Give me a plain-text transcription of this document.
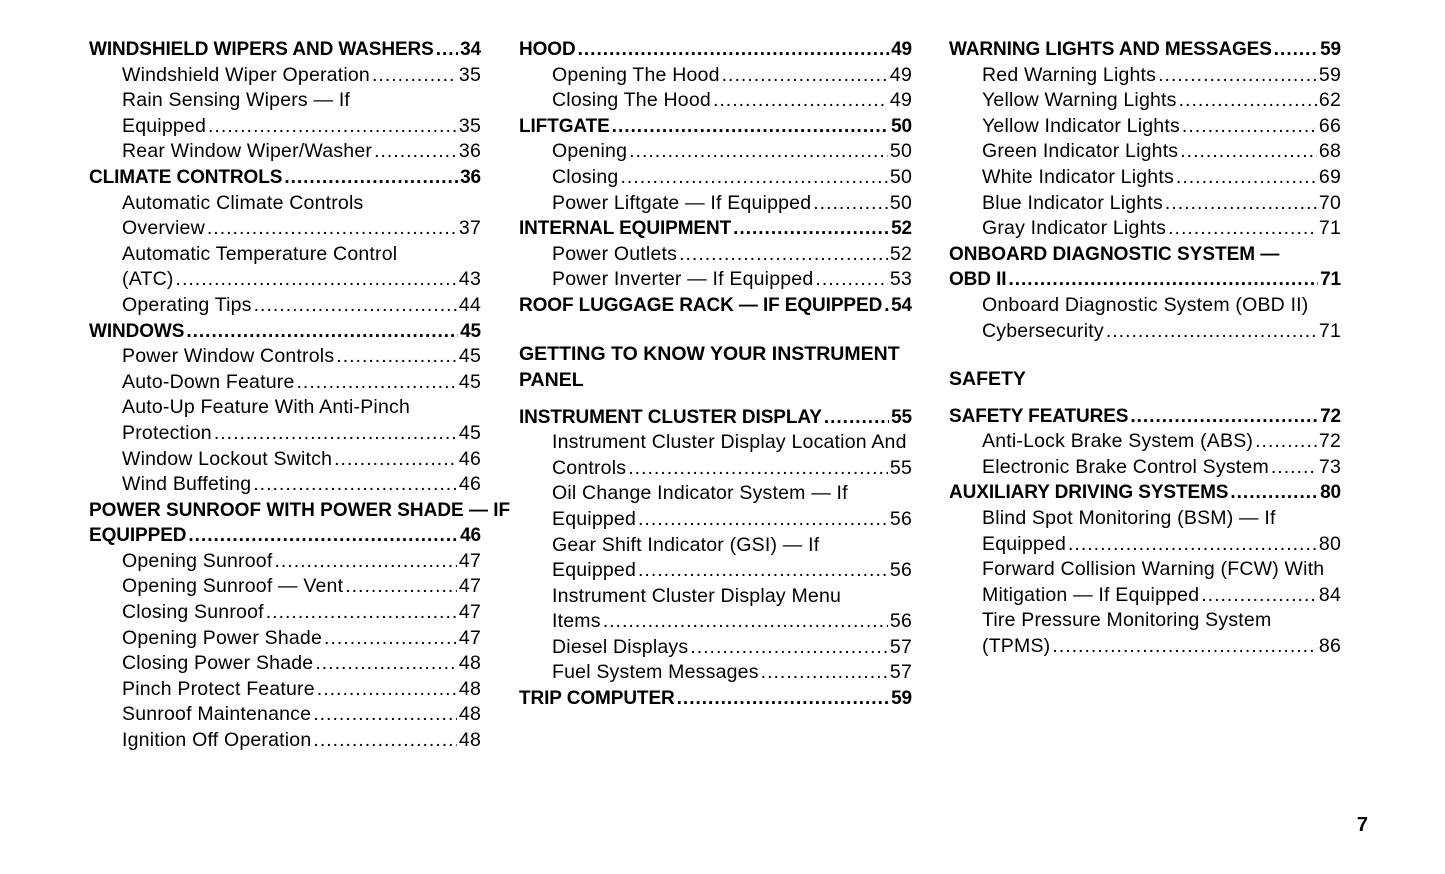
WINDSHIELD WIPERS AND WASHERS ..... 34
Windshield Wiper Operation .....	35
Rain Sensing Wipers — If
Equipped .....	35
Rear Window Wiper/Washer .....	36
CLIMATE CONTROLS .....	36
Automatic Climate Controls
Overview .....	37
Automatic Temperature Control
(ATC) .....	43
Operating Tips .....	44
WINDOWS .....	45
Power Window Controls .....	45
Auto-Down Feature .....	45
Auto-Up Feature With Anti-Pinch
Protection .....	45
Window Lockout Switch .....	46
Wind Buffeting .....	46
POWER SUNROOF WITH POWER SHADE — IF
EQUIPPED .....	46
Opening Sunroof .....	47
Opening Sunroof — Vent .....	47
Closing Sunroof .....	47
Opening Power Shade .....	47
Closing Power Shade .....	48
Pinch Protect Feature .....	48
Sunroof Maintenance .....	48
Ignition Off Operation .....	48
HOOD .....	49
Opening The Hood .....	49
Closing The Hood .....	49
LIFTGATE .....	50
Opening .....	50
Closing .....	50
Power Liftgate — If Equipped .....	50
INTERNAL EQUIPMENT .....	52
Power Outlets .....	52
Power Inverter — If Equipped .....	53
ROOF LUGGAGE RACK — IF EQUIPPED ..... 54
GETTING TO KNOW YOUR INSTRUMENT
PANEL
INSTRUMENT CLUSTER DISPLAY .....	55
Instrument Cluster Display Location And
Controls .....	55
Oil Change Indicator System — If
Equipped .....	56
Gear Shift Indicator (GSI) — If
Equipped .....	56
Instrument Cluster Display Menu
Items .....	56
Diesel Displays .....	57
Fuel System Messages .....	57
TRIP COMPUTER .....	59
WARNING LIGHTS AND MESSAGES .....	59
Red Warning Lights .....	59
Yellow Warning Lights .....	62
Yellow Indicator Lights .....	66
Green Indicator Lights .....	68
White Indicator Lights .....	69
Blue Indicator Lights .....	70
Gray Indicator Lights .....	71
ONBOARD DIAGNOSTIC SYSTEM —
OBD II .....	71
Onboard Diagnostic System (OBD II)
Cybersecurity .....	71
SAFETY
SAFETY FEATURES .....	72
Anti-Lock Brake System (ABS) .....	72
Electronic Brake Control System .....	73
AUXILIARY DRIVING SYSTEMS .....	80
Blind Spot Monitoring (BSM) — If
Equipped .....	80
Forward Collision Warning (FCW) With
Mitigation — If Equipped .....	84
Tire Pressure Monitoring System
(TPMS) .....	86
7
